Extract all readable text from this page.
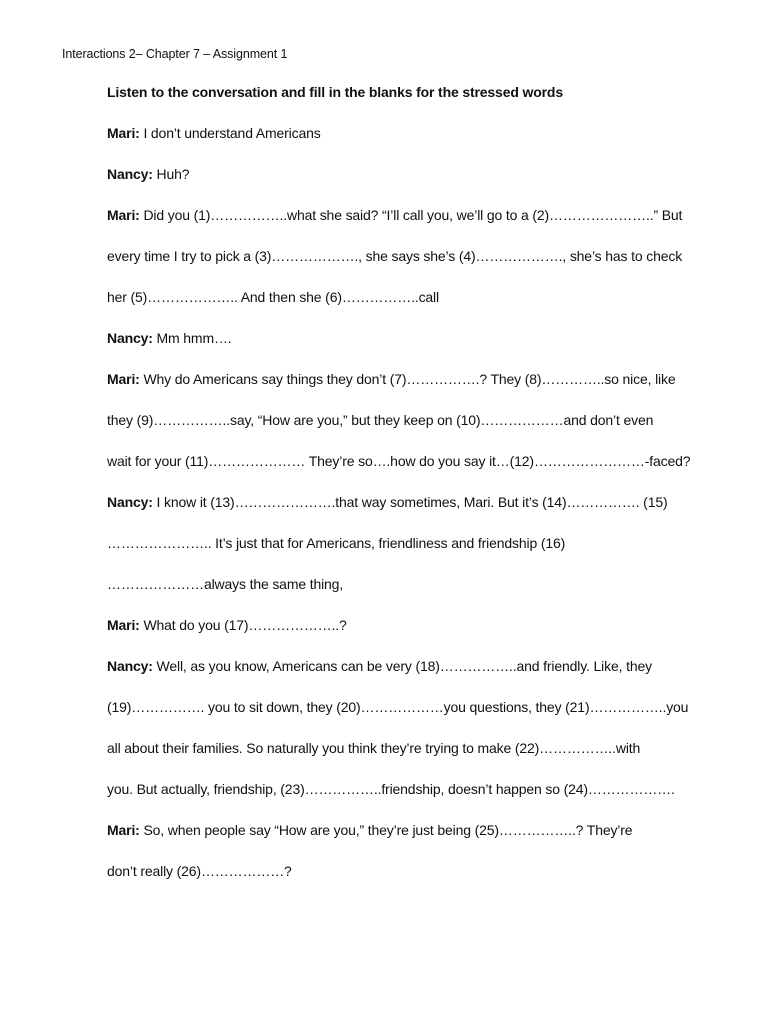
Interactions 2– Chapter 7 – Assignment 1
Listen to the conversation and fill in the blanks for the stressed words
Mari: I don’t understand Americans
Nancy: Huh?
Mari: Did you (1)……………..what she said? “I’ll call you, we’ll go to a (2)…………………..” But
every time I try to pick a (3)………………., she says she’s (4)………………., she’s has to check
her (5)……………….. And then she (6)……………..call
Nancy: Mm hmm….
Mari: Why do Americans say things they don’t (7)…………….? They (8)…………..so nice, like
they (9)……………..say, “How are you,” but they keep on (10)………………and don’t even
wait for your (11)………………… They’re so….how do you say it…(12)……………………-faced?
Nancy: I know it (13)………………….that way sometimes, Mari. But it’s (14)……………. (15)
………………….. It’s just that for Americans, friendliness and friendship (16)
…………………always the same thing,
Mari: What do you (17)………………..?
Nancy: Well, as you know, Americans can be very (18)……………..and friendly. Like, they
(19)……………. you to sit down, they (20)………………you questions, they (21)……………..you
all about their families. So naturally you think they’re trying to make (22)……………..with
you. But actually, friendship, (23)……………..friendship, doesn’t happen so (24)……………….
Mari: So, when people say “How are you,” they’re just being (25)……………..? They’re
don’t really (26)………………?
